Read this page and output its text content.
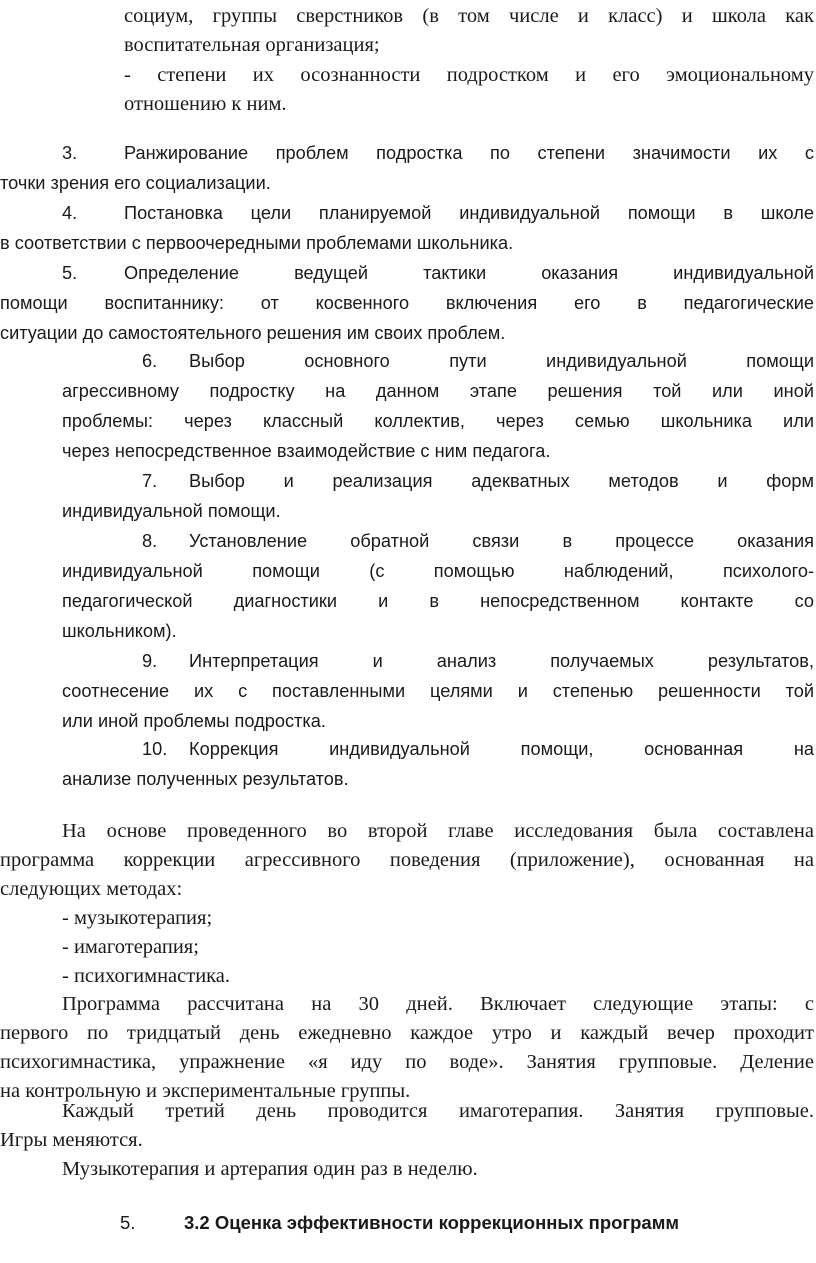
социум, группы сверстников (в том числе и класс) и школа как

воспитательная организация;

- степени их осознанности подростком и его эмоциональному

отношению к ним.

3.	Ранжирование проблем подростка по степени значимости их с

точки зрения его социализации.

4.	Постановка цели планируемой индивидуальной помощи в школе

в соответствии с первоочередными проблемами школьника.

5.	Определение ведущей тактики оказания индивидуальной

помощи воспитаннику: от косвенного включения его в педагогические

ситуации до самостоятельного решения им своих проблем.

6. Выбор основного пути индивидуальной помощи

агрессивному подростку на данном этапе решения той или иной

проблемы: через классный коллектив, через семью школьника или

через непосредственное взаимодействие с ним педагога.

7. Выбор и реализация адекватных методов и форм

индивидуальной помощи.

8. Установление обратной связи в процессе оказания

индивидуальной помощи (с помощью наблюдений, психолого-

педагогической диагностики и в непосредственном контакте со

школьником).

9. Интерпретация и анализ получаемых результатов,

соотнесение их с поставленными целями и степенью решенности той

или иной проблемы подростка.

10. Коррекция индивидуальной помощи, основанная на

анализе полученных результатов.

На основе проведенного во второй главе исследования была составлена

программа коррекции агрессивного поведения (приложение), основанная на

следующих методах:

- музыкотерапия;

- имаготерапия;

- психогимнастика.

Программа рассчитана на 30 дней. Включает следующие этапы: с

первого по тридцатый день ежедневно каждое утро и каждый вечер проходит

психогимнастика, упражнение «я иду по воде». Занятия групповые. Деление

на контрольную и экспериментальные группы.

Каждый третий день проводится имаготерапия. Занятия групповые.

Игры меняются.

Музыкотерапия и артерапия один раз в неделю.

5.	3.2 Оценка эффективности коррекционных программ
